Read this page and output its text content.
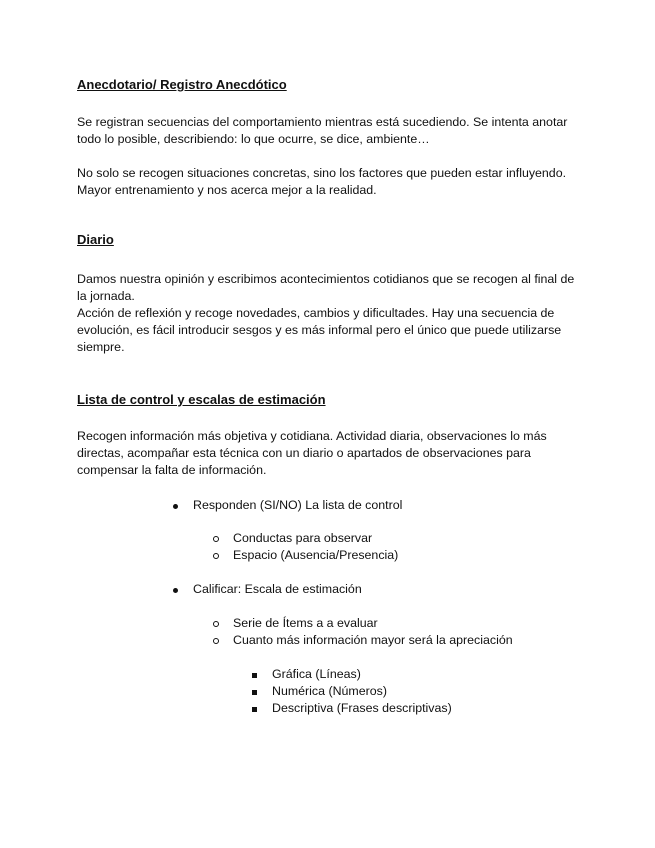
Anecdotario/ Registro Anecdótico

Se registran secuencias del comportamiento mientras está sucediendo. Se intenta anotar todo lo posible, describiendo: lo que ocurre, se dice, ambiente…

No solo se recogen situaciones concretas, sino los factores que pueden estar influyendo. Mayor entrenamiento y nos acerca mejor a la realidad.

Diario

Damos nuestra opinión y escribimos acontecimientos cotidianos que se recogen al final de la jornada.

Acción de reflexión y recoge novedades, cambios y dificultades. Hay una secuencia de evolución, es fácil introducir sesgos y es más informal pero el único que puede utilizarse siempre.

Lista de control y escalas de estimación

Recogen información más objetiva y cotidiana. Actividad diaria, observaciones lo más directas, acompañar esta técnica con un diario o apartados de observaciones para compensar la falta de información.

Responden (SI/NO) La lista de control
Conductas para observar
Espacio (Ausencia/Presencia)
Calificar: Escala de estimación
Serie de Ítems a a evaluar
Cuanto más información mayor será la apreciación
Gráfica (Líneas)
Numérica (Números)
Descriptiva (Frases descriptivas)
